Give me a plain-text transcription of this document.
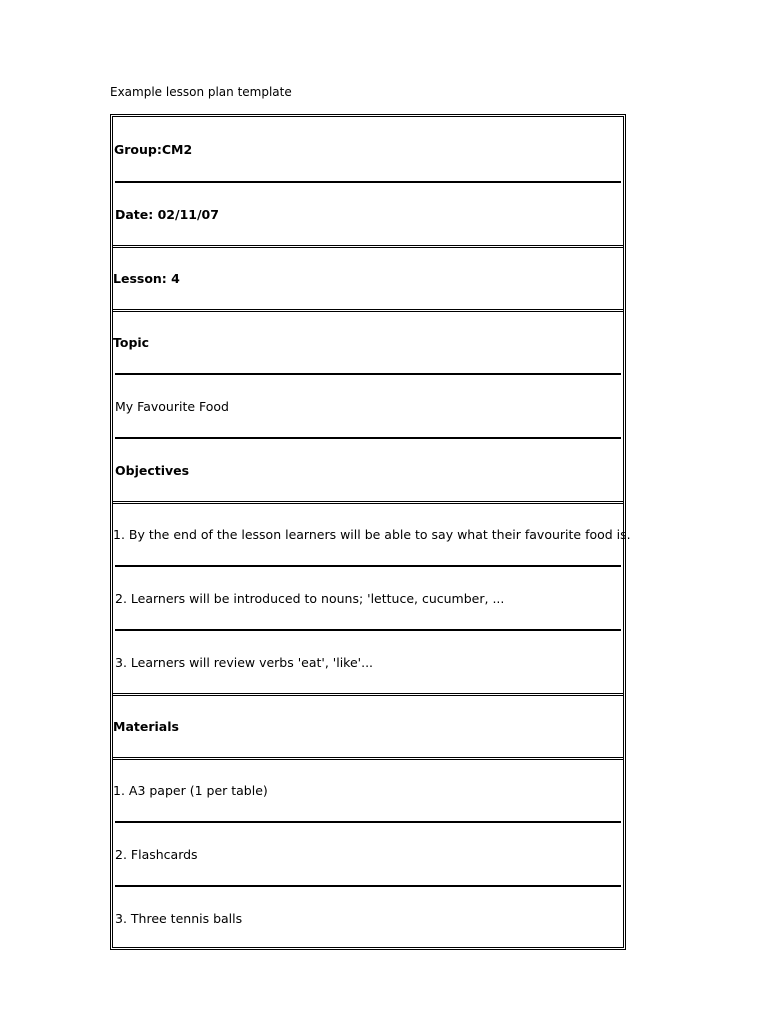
Example lesson plan template
Group:CM2
Date: 02/11/07
Lesson: 4
Topic
My Favourite Food
Objectives
1. By the end of the lesson learners will be able to say what their favourite food is.
2. Learners will be introduced to nouns; 'lettuce, cucumber, ...
3. Learners will review verbs 'eat', 'like'...
Materials
1. A3 paper (1 per table)
2. Flashcards
3. Three tennis balls
